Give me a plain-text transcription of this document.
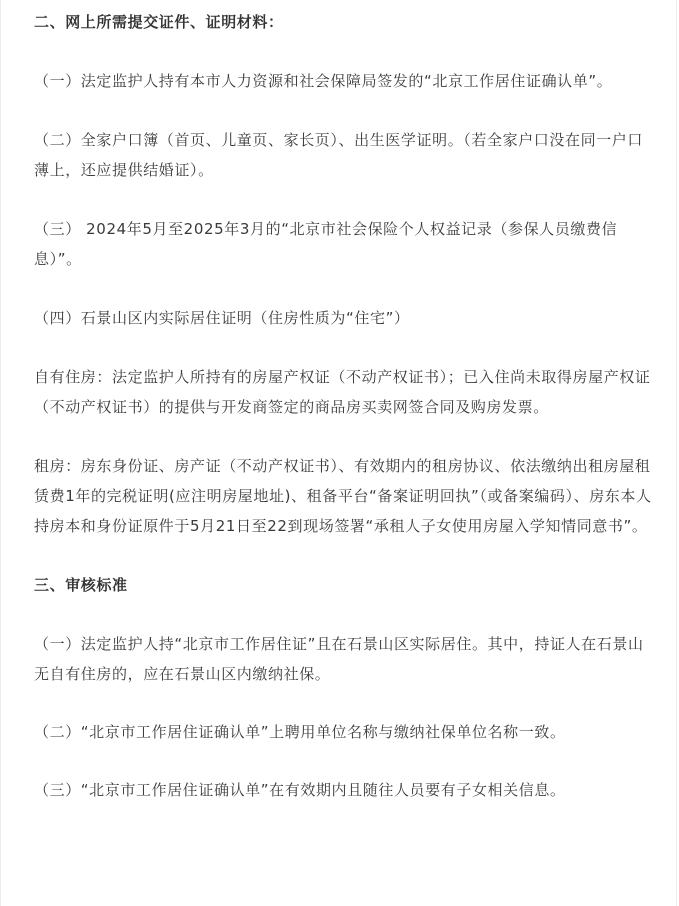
二、网上所需提交证件、证明材料：

（一）法定监护人持有本市人力资源和社会保障局签发的“北京工作居住证确认单”。

（二）全家户口簿（首页、儿童页、家长页）、出生医学证明。（若全家户口没在同一户口薄上，还应提供结婚证）。

（三） 2024年5月至2025年3月的“北京市社会保险个人权益记录（参保人员缴费信息）”。

（四）石景山区内实际居住证明（住房性质为“住宅”）

自有住房：法定监护人所持有的房屋产权证（不动产权证书）；已入住尚未取得房屋产权证（不动产权证书）的提供与开发商签定的商品房买卖网签合同及购房发票。

租房：房东身份证、房产证（不动产权证书）、有效期内的租房协议、依法缴纳出租房屋租赁费1年的完税证明(应注明房屋地址)、租备平台“备案证明回执”（或备案编码）、房东本人持房本和身份证原件于5月21日至22到现场签署“承租人子女使用房屋入学知情同意书”。

三、审核标准

（一）法定监护人持“北京市工作居住证”且在石景山区实际居住。其中，持证人在石景山无自有住房的，应在石景山区内缴纳社保。

（二）“北京市工作居住证确认单”上聘用单位名称与缴纳社保单位名称一致。

（三）“北京市工作居住证确认单”在有效期内且随往人员要有子女相关信息。
